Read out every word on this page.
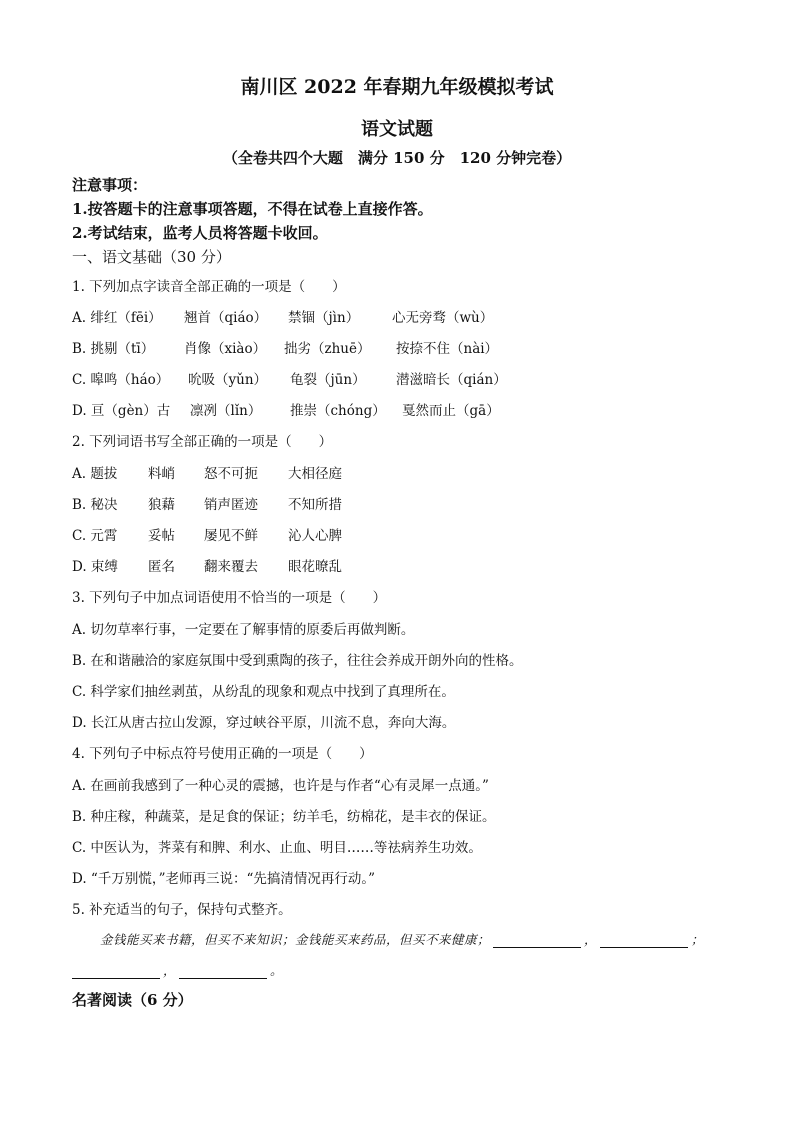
南川区 2022 年春期九年级模拟考试
语文试题
（全卷共四个大题　满分 150 分　120 分钟完卷）
注意事项：
1.按答题卡的注意事项答题，不得在试卷上直接作答。
2.考试结束，监考人员将答题卡收回。
一、语文基础（30 分）
1. 下列加点字读音全部正确的一项是（　　）
A. 绯红（fēi） 翘首（qiáo） 禁锢（jìn） 心无旁骛（wù）
B. 挑剔（tī） 肖像（xiào） 拙劣（zhuē） 按捺不住（nài）
C. 嗥鸣（háo） 吮吸（yǔn） 龟裂（jūn） 潜滋暗长（qián）
D. 亘（gèn）古 凛冽（lǐn） 推崇（chóng） 戛然而止（gā）
2. 下列词语书写全部正确的一项是（　　）
A. 题拔 料峭 怒不可扼 大相径庭
B. 秘决 狼藉 销声匿迹 不知所措
C. 元霄 妥帖 屡见不鲜 沁人心脾
D. 束缚 匿名 翻来覆去 眼花暸乱
3. 下列句子中加点词语使用不恰当的一项是（　　）
A. 切勿草率行事，一定要在了解事情的原委后再做判断。
B. 在和谐融洽的家庭氛围中受到熏陶的孩子，往往会养成开朗外向的性格。
C. 科学家们抽丝剥茧，从纷乱的现象和观点中找到了真理所在。
D. 长江从唐古拉山发源，穿过峡谷平原，川流不息，奔向大海。
4. 下列句子中标点符号使用正确的一项是（　　）
A. 在画前我感到了一种心灵的震撼，也许是与作者“心有灵犀一点通。”
B. 种庄稼，种蔬菜，是足食的保证；纺羊毛，纺棉花，是丰衣的保证。
C. 中医认为，荠菜有和脾、利水、止血、明目……等祛病养生功效。
D. “千万别慌，”老师再三说：“先搞清情况再行动。”
5. 补充适当的句子，保持句式整齐。
金钱能买来书籍，但买不来知识；金钱能买来药品，但买不来健康；	，	；
，	。
名著阅读（6 分）
